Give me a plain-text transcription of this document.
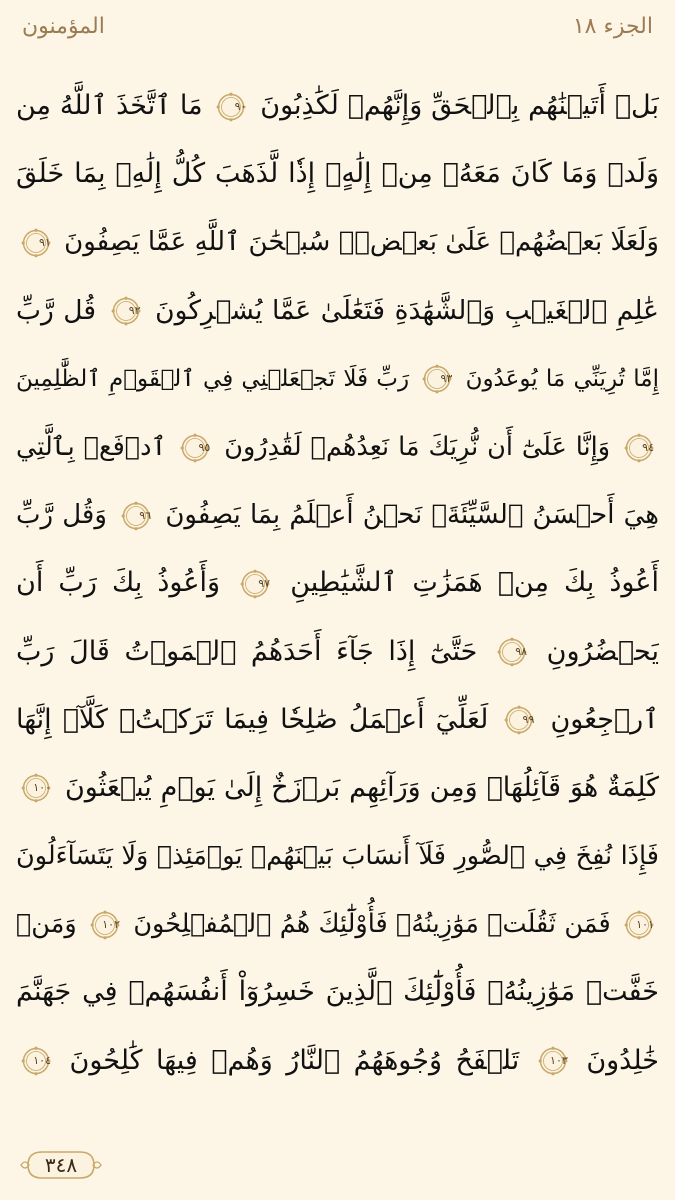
الجزء ١٨
المؤمنون
بَلۡ أَتَيۡنَٰهُم بِٱلۡحَقِّ وَإِنَّهُمۡ لَكَٰذِبُونَ
٩٠
مَا ٱتَّخَذَ ٱللَّهُ مِن
وَلَدٖ وَمَا كَانَ مَعَهُۥ مِنۡ إِلَٰهٍۚ إِذٗا لَّذَهَبَ كُلُّ إِلَٰهِۭ بِمَا خَلَقَ
وَلَعَلَا بَعۡضُهُمۡ عَلَىٰ بَعۡضٖۚ سُبۡحَٰنَ ٱللَّهِ عَمَّا يَصِفُونَ
٩١
عَٰلِمِ ٱلۡغَيۡبِ وَٱلشَّهَٰدَةِ فَتَعَٰلَىٰ عَمَّا يُشۡرِكُونَ
٩٢
قُل رَّبِّ
إِمَّا تُرِيَنِّي مَا يُوعَدُونَ
٩٣
رَبِّ فَلَا تَجۡعَلۡنِي فِي ٱلۡقَوۡمِ ٱلظَّٰلِمِينَ
٩٤
وَإِنَّا عَلَىٰٓ أَن نُّرِيَكَ مَا نَعِدُهُمۡ لَقَٰدِرُونَ
٩٥
ٱدۡفَعۡ بِٱلَّتِي
هِيَ أَحۡسَنُ ٱلسَّيِّئَةَۚ نَحۡنُ أَعۡلَمُ بِمَا يَصِفُونَ
٩٦
وَقُل رَّبِّ
أَعُوذُ بِكَ مِنۡ هَمَزَٰتِ ٱلشَّيَٰطِينِ
٩٧
وَأَعُوذُ بِكَ رَبِّ أَن
يَحۡضُرُونِ
٩٨
حَتَّىٰٓ إِذَا جَآءَ أَحَدَهُمُ ٱلۡمَوۡتُ قَالَ رَبِّ
ٱرۡجِعُونِ
٩٩
لَعَلِّيٓ أَعۡمَلُ صَٰلِحٗا فِيمَا تَرَكۡتُۚ كَلَّآۚ إِنَّهَا
كَلِمَةٌ هُوَ قَآئِلُهَاۖ وَمِن وَرَآئِهِم بَرۡزَخٌ إِلَىٰ يَوۡمِ يُبۡعَثُونَ
١٠٠
فَإِذَا نُفِخَ فِي ٱلصُّورِ فَلَآ أَنسَابَ بَيۡنَهُمۡ يَوۡمَئِذٖ وَلَا يَتَسَآءَلُونَ
١٠١
فَمَن ثَقُلَتۡ مَوَٰزِينُهُۥ فَأُوْلَٰٓئِكَ هُمُ ٱلۡمُفۡلِحُونَ
١٠٢
وَمَنۡ
خَفَّتۡ مَوَٰزِينُهُۥ فَأُوْلَٰٓئِكَ ٱلَّذِينَ خَسِرُوٓاْ أَنفُسَهُمۡ فِي جَهَنَّمَ
خَٰلِدُونَ
١٠٣
تَلۡفَحُ وُجُوهَهُمُ ٱلنَّارُ وَهُمۡ فِيهَا كَٰلِحُونَ
١٠٤
٣٤٨
